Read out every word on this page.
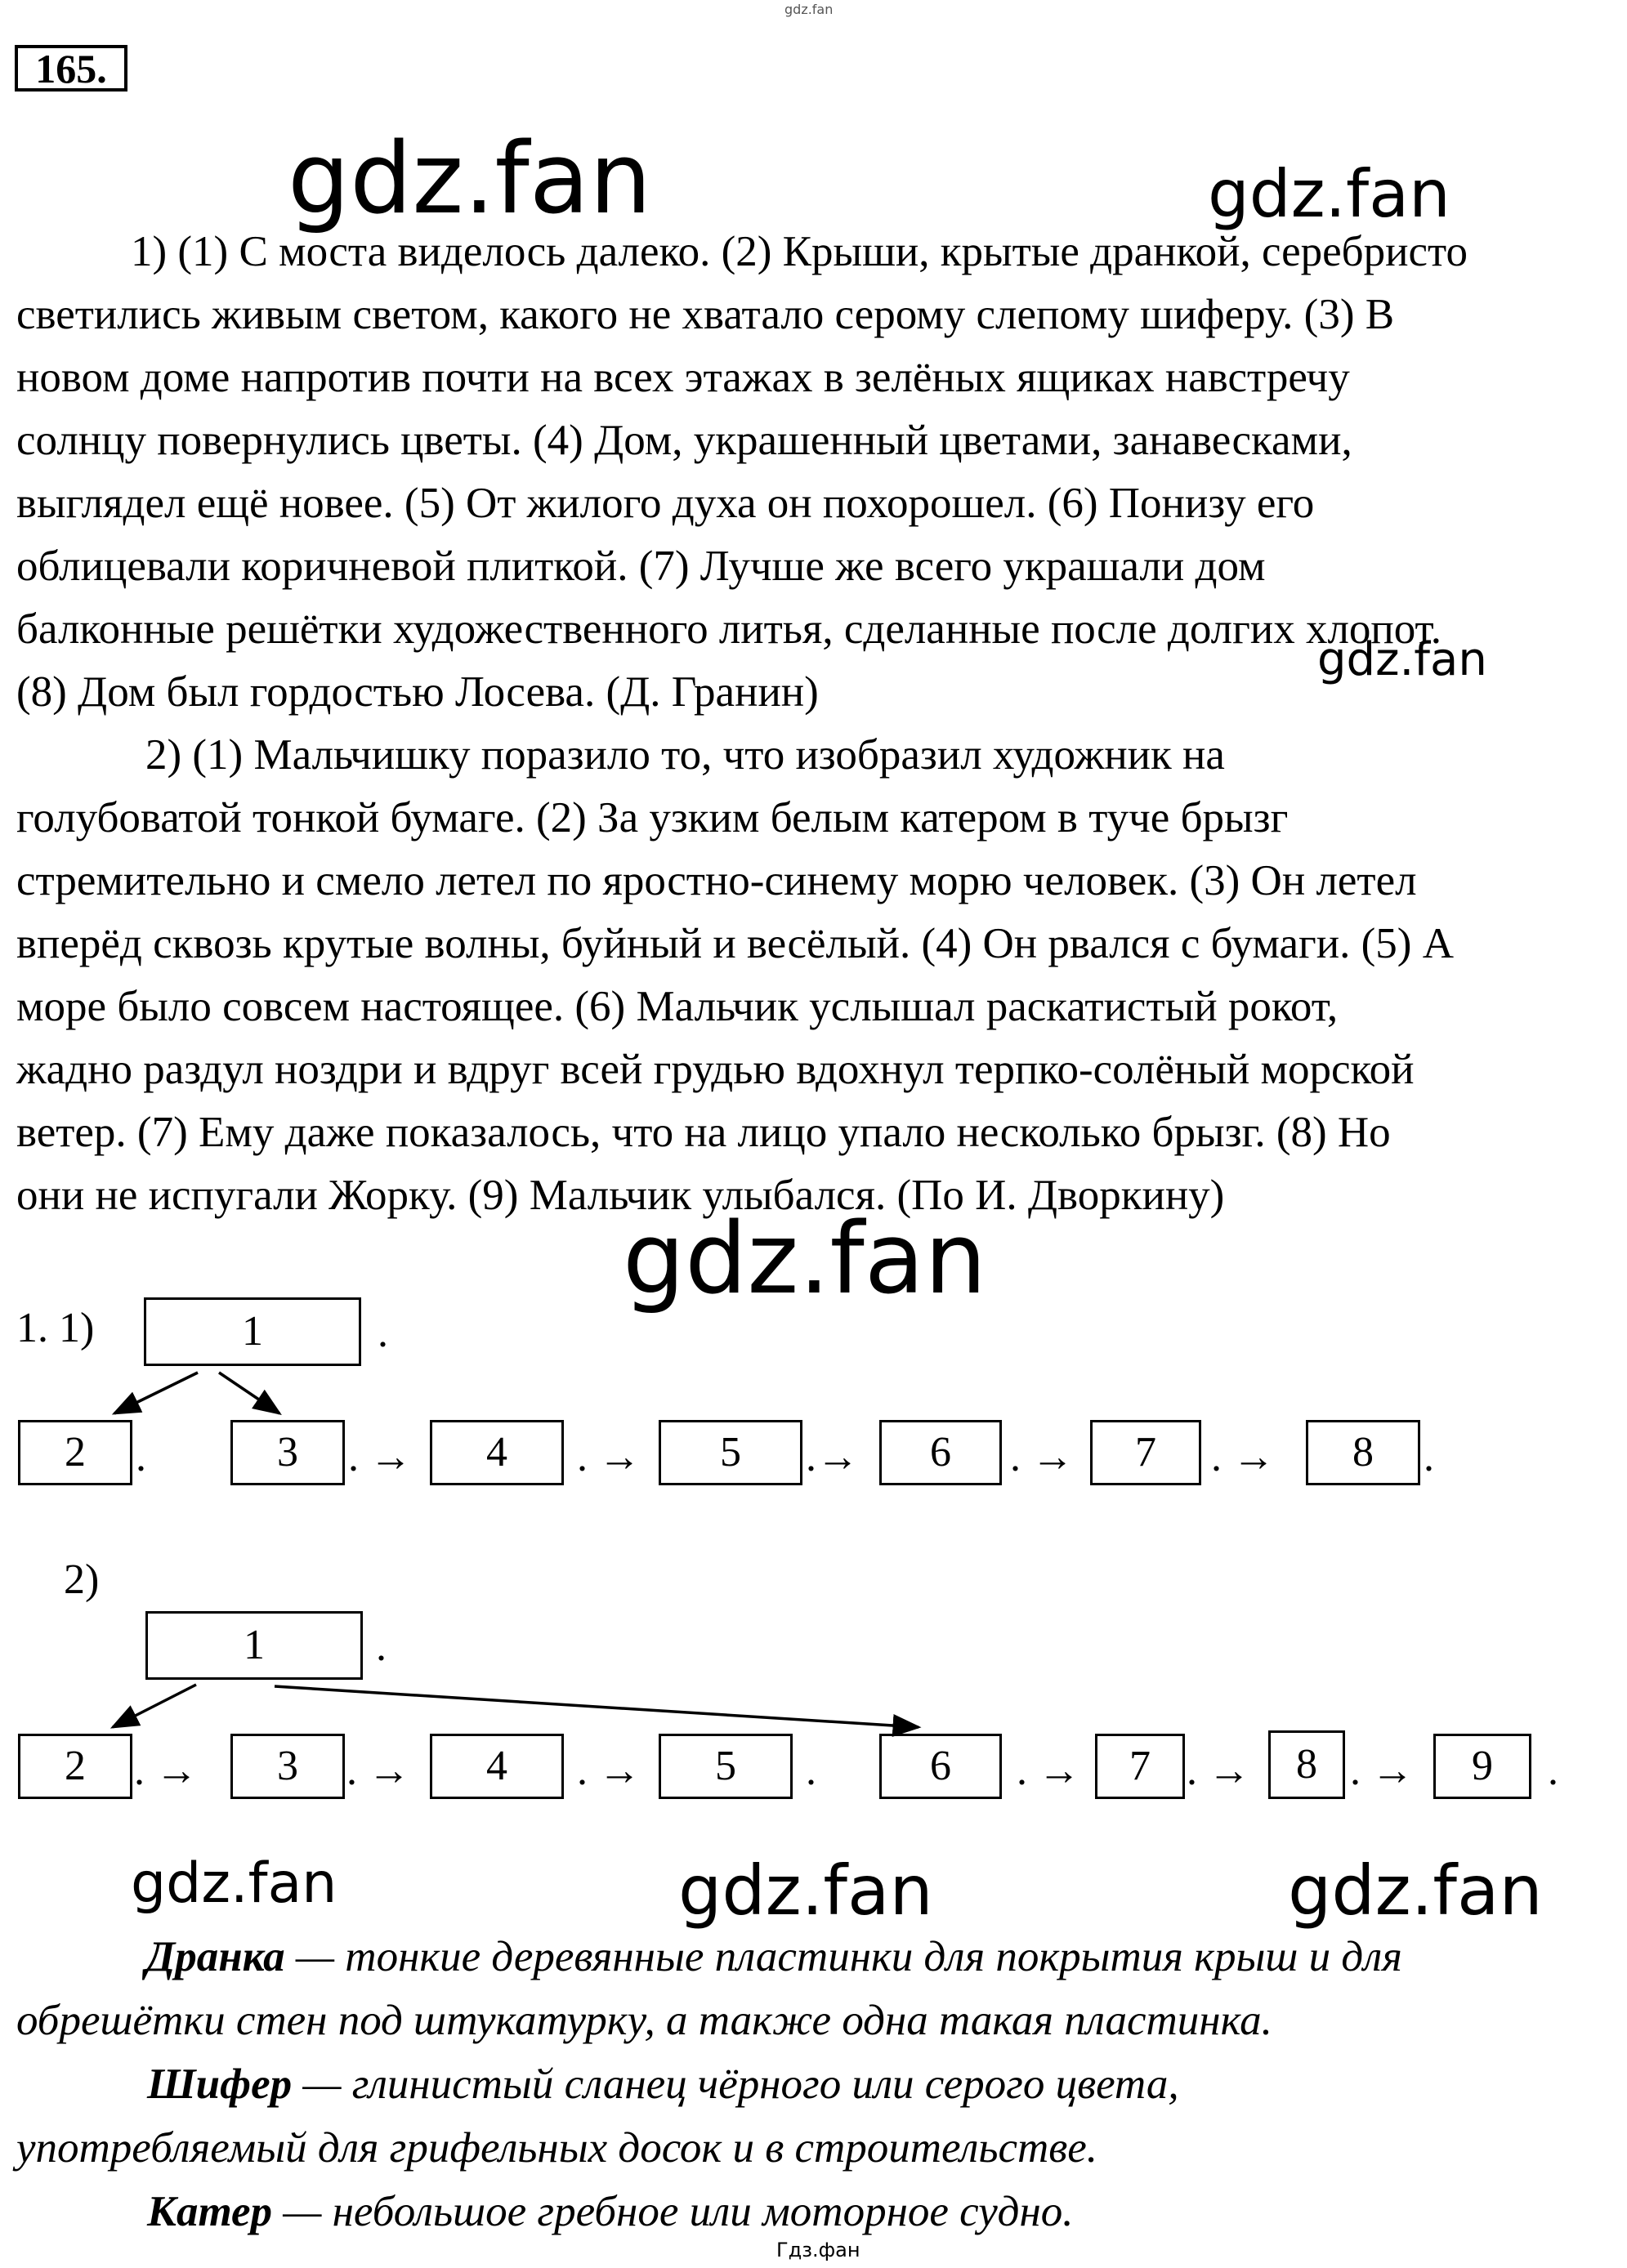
gdz.fan
165.
gdz.fan	gdz.fan
gdz.fan
gdz.fan
gdz.fan	gdz.fan	gdz.fan
1) (1) С моста виделось далеко. (2) Крыши, крытые дранкой, серебристо
светились живым светом, какого не хватало серому слепому шиферу. (3) В
новом доме напротив почти на всех этажах в зелёных ящиках навстречу
солнцу повернулись цветы. (4) Дом, украшенный цветами, занавесками,
выглядел ещё новее. (5) От жилого духа он похорошел. (6) Понизу его
облицевали коричневой плиткой. (7) Лучше же всего украшали дом
балконные решётки художественного литья, сделанные после долгих хлопот.
(8) Дом был гордостью Лосева. (Д. Гранин)
2) (1) Мальчишку поразило то, что изобразил художник на
голубоватой тонкой бумаге. (2) За узким белым катером в туче брызг
стремительно и смело летел по яростно-синему морю человек. (3) Он летел
вперёд сквозь крутые волны, буйный и весёлый. (4) Он рвался с бумаги. (5) А
море было совсем настоящее. (6) Мальчик услышал раскатистый рокот,
жадно раздул ноздри и вдруг всей грудью вдохнул терпко-солёный морской
ветер. (7) Ему даже показалось, что на лицо упало несколько брызг. (8) Но
они не испугали Жорку. (9) Мальчик улыбался. (По И. Дворкину)
1. 1)	1	.
2	.	3	. →	4	. →	5	.→	6	. →	7	. →	8	.
2)
1	.
2	. →	3	. →	4	. →	5	.	6	. →	7 . →	8 . →	9	.
Дранка — тонкие деревянные пластинки для покрытия крыш и для
обрешётки стен под штукатурку, а также одна такая пластинка.
Шифер — глинистый сланец чёрного или серого цвета,
употребляемый для грифельных досок и в строительстве.
Катер — небольшое гребное или моторное судно.
Гдз.фан
